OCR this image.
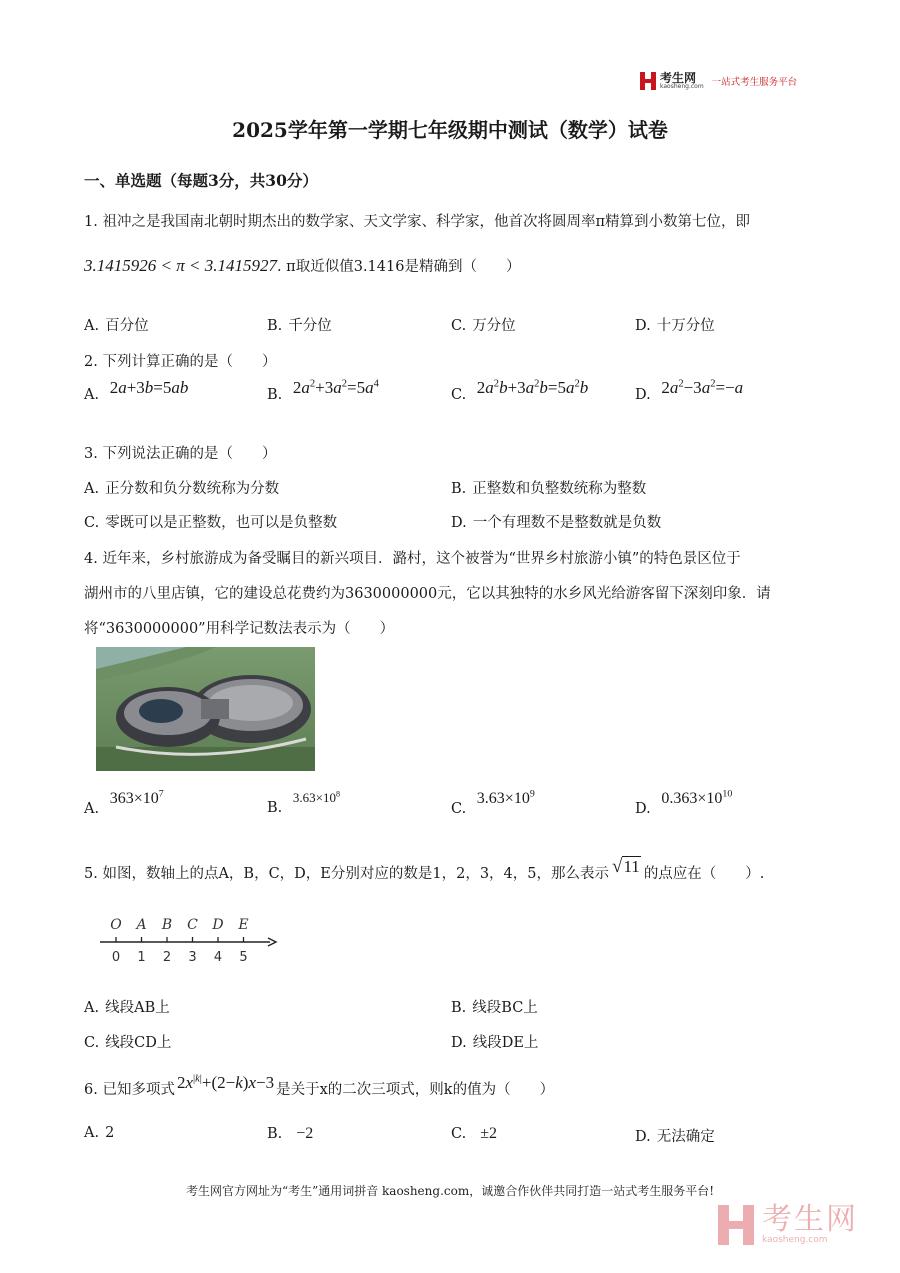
考生网
kaosheng.com 一站式考生服务平台
2025学年第一学期七年级期中测试（数学）试卷
一、单选题（每题3分，共30分）
1. 祖冲之是我国南北朝时期杰出的数学家、天文学家、科学家，他首次将圆周率π精算到小数第七位，即
3.1415926 < π < 3.1415927. π取近似值3.1416是精确到（　　）
A. 百分位	B. 千分位	C. 万分位	D. 十万分位
2. 下列计算正确的是（　　）
A. 2a+3b=5ab	B. $2a^2+3a^2=5a^4$
C. $2a^2b+3a^2b=5a^2b$	D. $2a^2-3a^2=-a$
3. 下列说法正确的是（　　）
A. 正分数和负分数统称为分数	B. 正整数和负整数统称为整数
C. 零既可以是正整数，也可以是负整数	D. 一个有理数不是整数就是负数
4. 近年来，乡村旅游成为备受瞩目的新兴项目．潞村，这个被誉为“世界乡村旅游小镇”的特色景区位于
湖州市的八里店镇，它的建设总花费约为3630000000元，它以其独特的水乡风光给游客留下深刻印象．请
将“3630000000”用科学记数法表示为（　　）
A. $363\times 10^7$
B. $3.63\times 10^8$
C. $3.63\times 10^9$
D. $0.363\times 10^{10}$
5. 如图，数轴上的点A，B，C，D，E分别对应的数是1，2，3，4，5，那么表示 √11 的点应在（　　）.
O
0
A
1
B
2
C
3
D
4
E
5
A. 线段AB上	B. 线段BC上
C. 线段CD上	D. 线段DE上
6. 已知多项式 $2x^{|k|}+(2-k)x-3$ 是关于x的二次三项式，则k的值为（　　）
A. 2	B. −2	C. ±2	D. 无法确定
考生网官方网址为“考生”通用词拼音 kaosheng.com，诚邀合作伙伴共同打造一站式考生服务平台!
考生网
kaosheng.com
